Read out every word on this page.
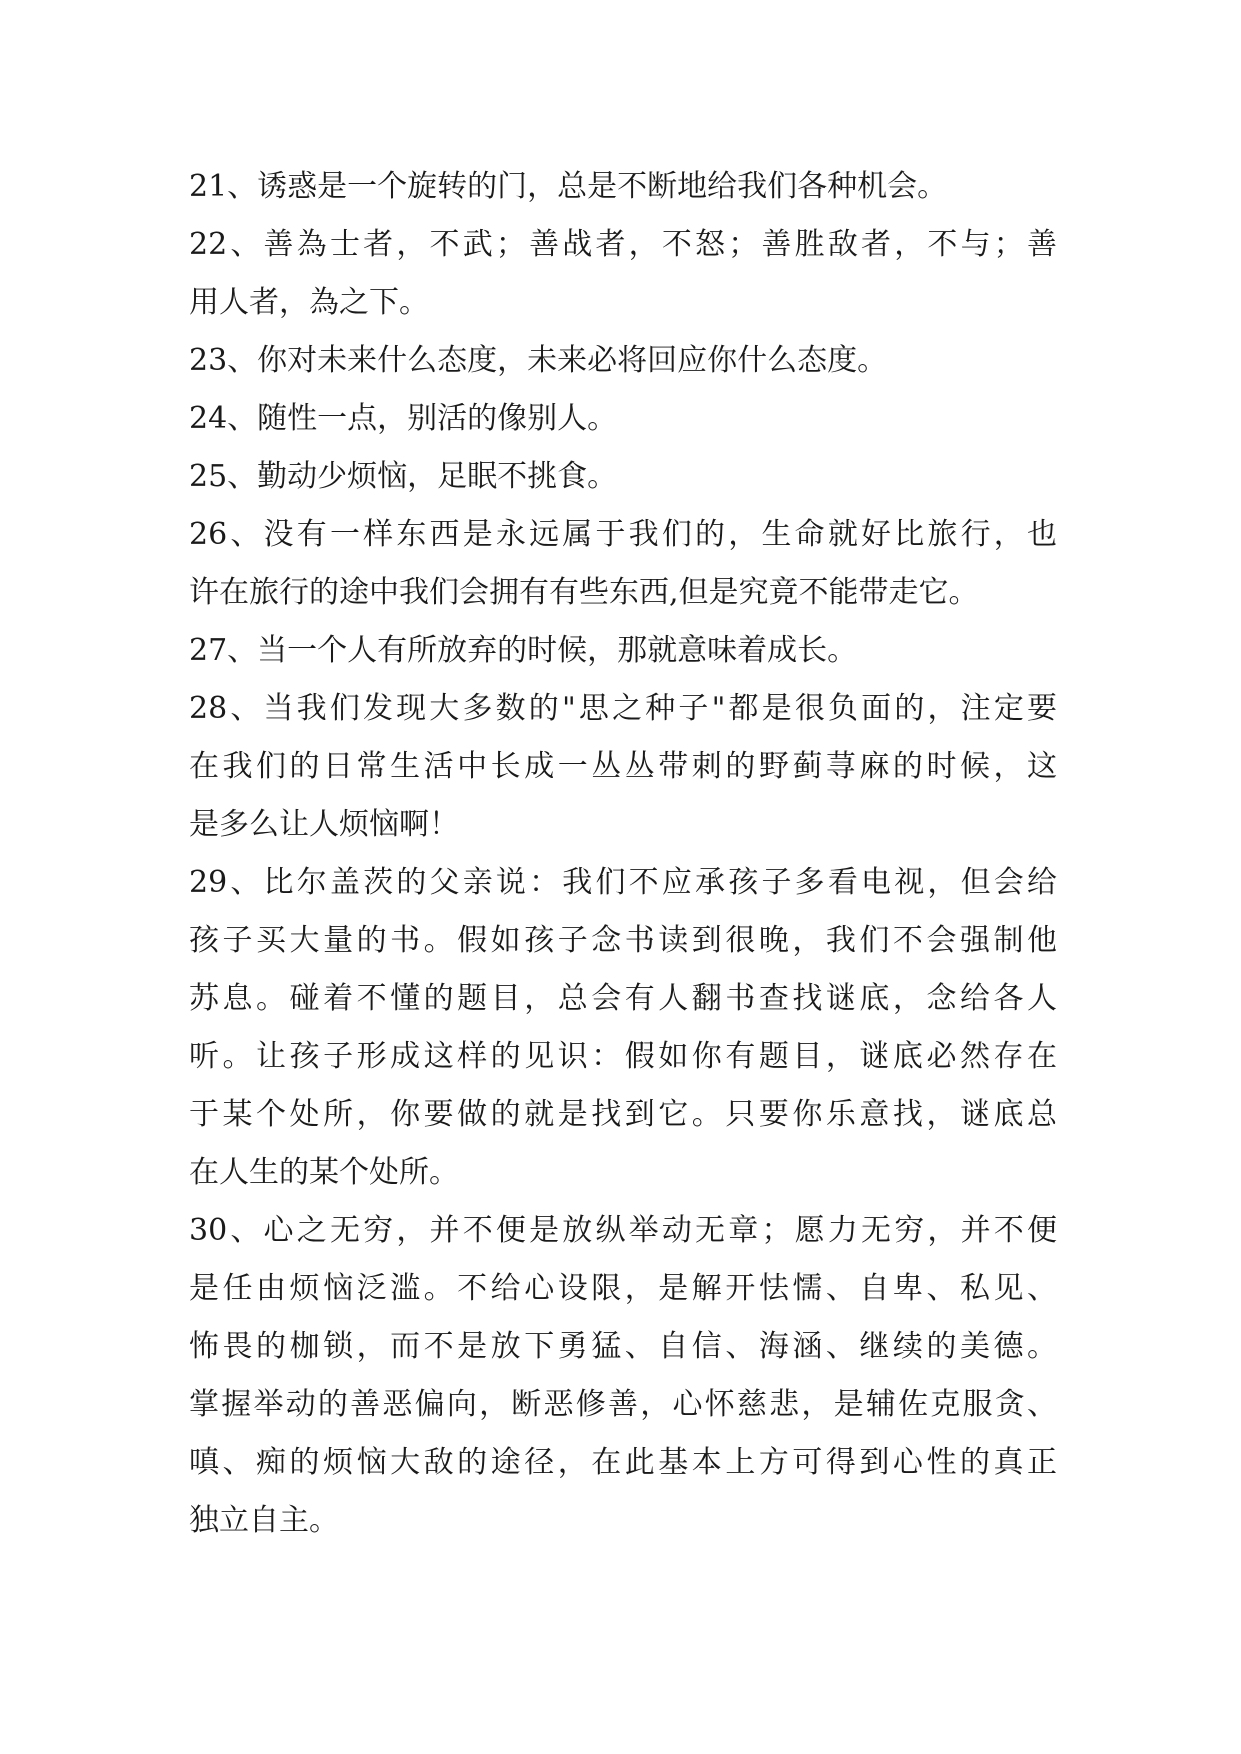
21、诱惑是一个旋转的门，总是不断地给我们各种机会。
22、善為士者，不武；善战者，不怒；善胜敌者，不与；善
用人者，為之下。
23、你对未来什么态度，未来必将回应你什么态度。
24、随性一点，别活的像别人。
25、勤动少烦恼，足眠不挑食。
26、没有一样东西是永远属于我们的，生命就好比旅行，也
许在旅行的途中我们会拥有有些东西,但是究竟不能带走它。
27、当一个人有所放弃的时候，那就意味着成长。
28、当我们发现大多数的"思之种子"都是很负面的，注定要
在我们的日常生活中长成一丛丛带刺的野蓟荨麻的时候，这
是多么让人烦恼啊！
29、比尔盖茨的父亲说：我们不应承孩子多看电视，但会给
孩子买大量的书。假如孩子念书读到很晚，我们不会强制他
苏息。碰着不懂的题目，总会有人翻书查找谜底，念给各人
听。让孩子形成这样的见识：假如你有题目，谜底必然存在
于某个处所，你要做的就是找到它。只要你乐意找，谜底总
在人生的某个处所。
30、心之无穷，并不便是放纵举动无章；愿力无穷，并不便
是任由烦恼泛滥。不给心设限，是解开怯懦、自卑、私见、
怖畏的枷锁，而不是放下勇猛、自信、海涵、继续的美德。
掌握举动的善恶偏向，断恶修善，心怀慈悲，是辅佐克服贪、
嗔、痴的烦恼大敌的途径，在此基本上方可得到心性的真正
独立自主。
